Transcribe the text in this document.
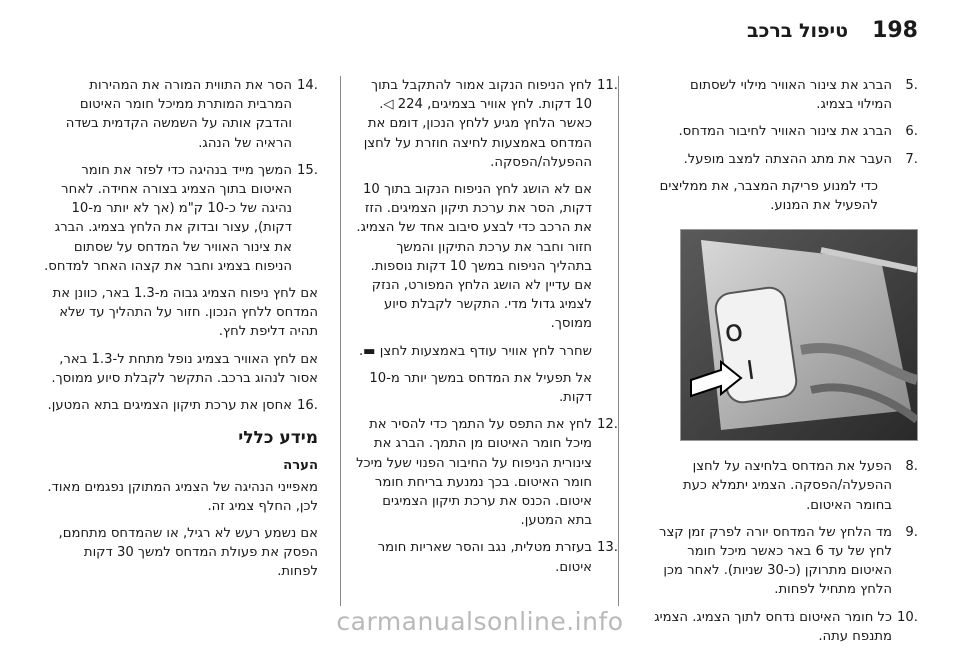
198
טיפול ברכב
.5

הברג את צינור האוויר מילוי לשסתום המילוי בצמיג.

.6

הברג את צינור האוויר לחיבור המדחס.

.7

העבר את מתג ההצתה למצב מופעל.

כדי למנוע פריקת המצבר, את ממליצים להפעיל את המנוע.

o
I
.8

הפעל את המדחס בלחיצה על לחצן ההפעלה/הפסקה. הצמיג יתמלא כעת בחומר האיטום.

.9

מד הלחץ של המדחס יורה לפרק זמן קצר לחץ של עד 6 באר כאשר מיכל חומר האיטום מתרוקן (כ-30 שניות). לאחר מכן הלחץ מתחיל לפחות.

.10

כל חומר האיטום נדחס לתוך הצמיג. הצמיג מתנפח עתה.

.11

לחץ הניפוח הנקוב אמור להתקבל בתוך 10 דקות. לחץ אוויר בצמיגים, 224 ◁. כאשר הלחץ מגיע ללחץ הנכון, דומם את המדחס באמצעות לחיצה חוזרת על לחצן ההפעלה/הפסקה.

אם לא הושג לחץ הניפוח הנקוב בתוך 10 דקות, הסר את ערכת תיקון הצמיגים. הזז את הרכב כדי לבצע סיבוב אחד של הצמיג. חזור וחבר את ערכת התיקון והמשך בתהליך הניפוח במשך 10 דקות נוספות. אם עדיין לא הושג הלחץ המפורט, הנזק לצמיג גדול מדי. התקשר לקבלת סיוע ממוסך.

שחרר לחץ אוויר עודף באמצעות לחצן ▬.

אל תפעיל את המדחס במשך יותר מ-10 דקות.

.12

לחץ את התפס על התמך כדי להסיר את מיכל חומר האיטום מן התמך. הברג את צינורית הניפוח על החיבור הפנוי שעל מיכל חומר האיטום. בכך נמנעת בריחת חומר איטום. הכנס את ערכת תיקון הצמיגים בתא המטען.

.13

בעזרת מטלית, נגב והסר שאריות חומר איטום.

.14

הסר את התווית המורה את המהירות המרבית המותרת ממיכל חומר האיטום והדבק אותה על השמשה הקדמית בשדה הראיה של הנהג.

.15

המשך מייד בנהיגה כדי לפזר את חומר האיטום בתוך הצמיג בצורה אחידה. לאחר נהיגה של כ-10 ק"מ (אך לא יותר מ-10 דקות), עצור ובדוק את הלחץ בצמיג. הברג את צינור האוויר של המדחס על שסתום הניפוח בצמיג וחבר את קצהו האחר למדחס.

אם לחץ ניפוח הצמיג גבוה מ-1.3 באר, כוונן את המדחס ללחץ הנכון. חזור על התהליך עד שלא תהיה דליפת לחץ.

אם לחץ האוויר בצמיג נופל מתחת ל-1.3 באר, אסור לנהוג ברכב. התקשר לקבלת סיוע ממוסך.

.16

אחסן את ערכת תיקון הצמיגים בתא המטען.

מידע כללי
הערה

מאפייני הנהיגה של הצמיג המתוקן נפגמים מאוד. לכן, החלף צמיג זה.

אם נשמע רעש לא רגיל, או שהמדחס מתחמם, הפסק את פעולת המדחס למשך 30 דקות לפחות.

carmanualsonline.info
